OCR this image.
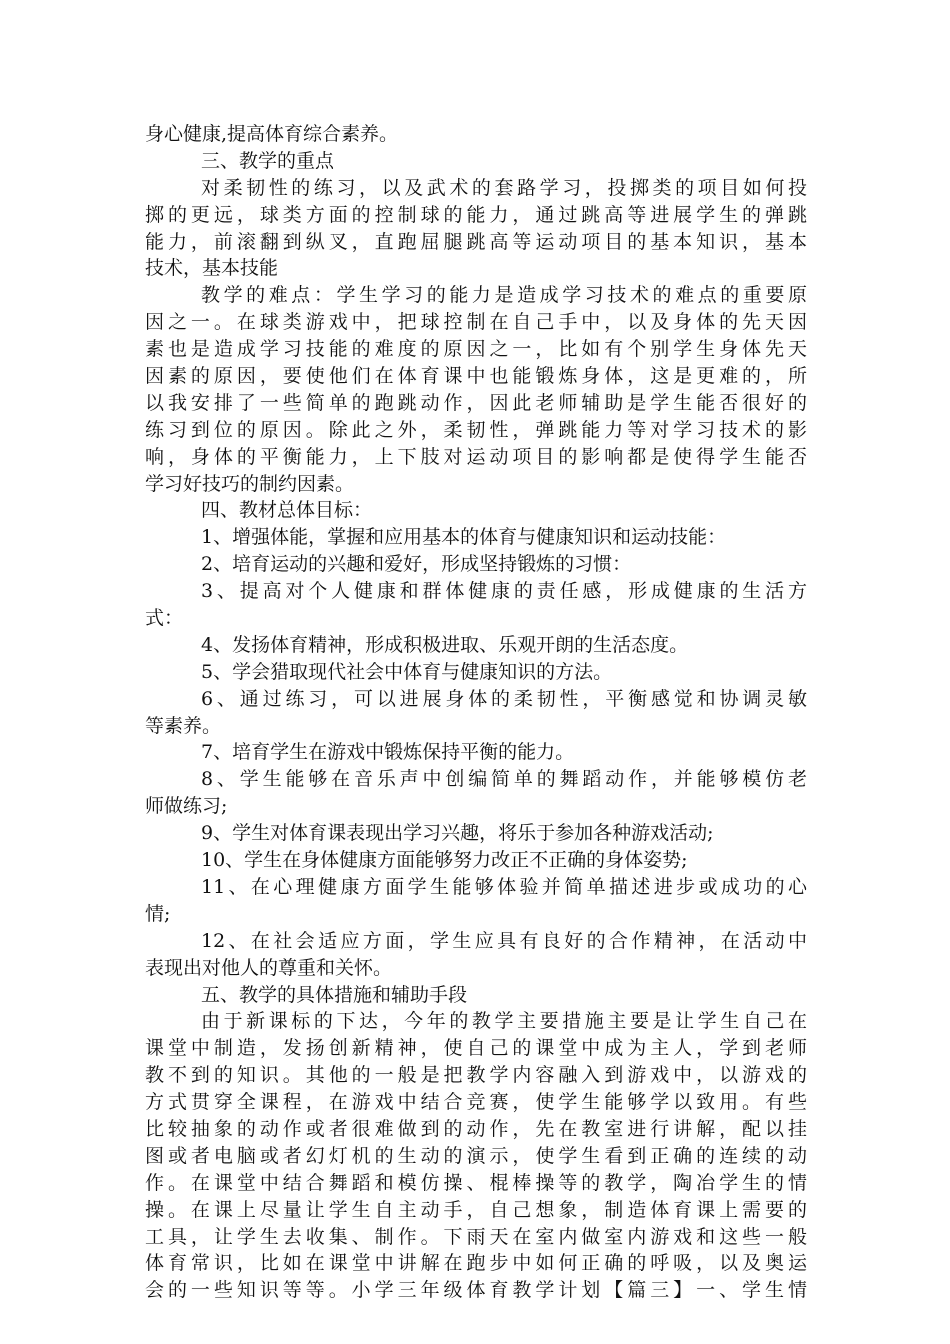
身心健康,提高体育综合素养。
三、教学的重点
对柔韧性的练习，以及武术的套路学习，投掷类的项目如何投
掷的更远，球类方面的控制球的能力，通过跳高等进展学生的弹跳
能力，前滚翻到纵叉，直跑屈腿跳高等运动项目的基本知识，基本
技术，基本技能
教学的难点：学生学习的能力是造成学习技术的难点的重要原
因之一。在球类游戏中，把球控制在自己手中，以及身体的先天因
素也是造成学习技能的难度的原因之一，比如有个别学生身体先天
因素的原因，要使他们在体育课中也能锻炼身体，这是更难的，所
以我安排了一些简单的跑跳动作，因此老师辅助是学生能否很好的
练习到位的原因。除此之外，柔韧性，弹跳能力等对学习技术的影
响，身体的平衡能力，上下肢对运动项目的影响都是使得学生能否
学习好技巧的制约因素。
四、教材总体目标：
1、增强体能，掌握和应用基本的体育与健康知识和运动技能：
2、培育运动的兴趣和爱好，形成坚持锻炼的习惯：
3、提高对个人健康和群体健康的责任感，形成健康的生活方
式：
4、发扬体育精神，形成积极进取、乐观开朗的生活态度。
5、学会猎取现代社会中体育与健康知识的方法。
6、通过练习，可以进展身体的柔韧性，平衡感觉和协调灵敏
等素养。
7、培育学生在游戏中锻炼保持平衡的能力。
8、学生能够在音乐声中创编简单的舞蹈动作，并能够模仿老
师做练习;
9、学生对体育课表现出学习兴趣，将乐于参加各种游戏活动;
10、学生在身体健康方面能够努力改正不正确的身体姿势;
11、在心理健康方面学生能够体验并简单描述进步或成功的心
情;
12、在社会适应方面，学生应具有良好的合作精神，在活动中
表现出对他人的尊重和关怀。
五、教学的具体措施和辅助手段
由于新课标的下达，今年的教学主要措施主要是让学生自己在
课堂中制造，发扬创新精神，使自己的课堂中成为主人，学到老师
教不到的知识。其他的一般是把教学内容融入到游戏中，以游戏的
方式贯穿全课程，在游戏中结合竞赛，使学生能够学以致用。有些
比较抽象的动作或者很难做到的动作，先在教室进行讲解，配以挂
图或者电脑或者幻灯机的生动的演示，使学生看到正确的连续的动
作。在课堂中结合舞蹈和模仿操、棍棒操等的教学，陶冶学生的情
操。在课上尽量让学生自主动手，自己想象，制造体育课上需要的
工具，让学生去收集、制作。下雨天在室内做室内游戏和这些一般
体育常识，比如在课堂中讲解在跑步中如何正确的呼吸，以及奥运
会的一些知识等等。小学三年级体育教学计划【篇三】一、学生情
